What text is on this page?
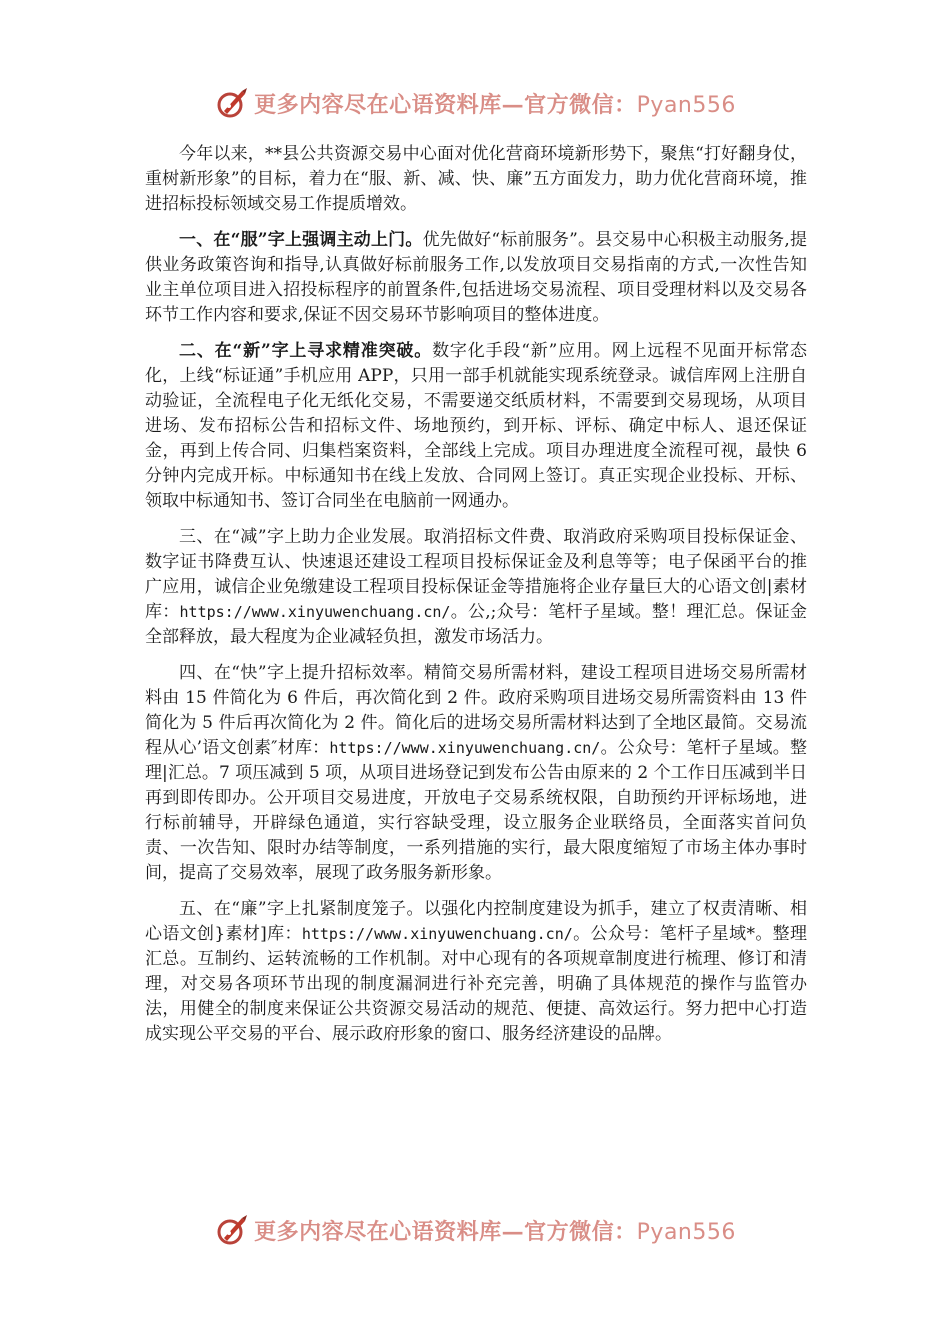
更多内容尽在心语资料库—官方微信：Pyan556

今年以来，**县公共资源交易中心面对优化营商环境新形势下，聚焦“打好翻身仗，重树新形象”的目标，着力在“服、新、减、快、廉”五方面发力，助力优化营商环境，推进招标投标领域交易工作提质增效。

一、在“服”字上强调主动上门。优先做好“标前服务”。县交易中心积极主动服务,提供业务政策咨询和指导,认真做好标前服务工作,以发放项目交易指南的方式,一次性告知业主单位项目进入招投标程序的前置条件,包括进场交易流程、项目受理材料以及交易各环节工作内容和要求,保证不因交易环节影响项目的整体进度。

二、在“新”字上寻求精准突破。数字化手段“新”应用。网上远程不见面开标常态化，上线“标证通”手机应用 APP，只用一部手机就能实现系统登录。诚信库网上注册自动验证，全流程电子化无纸化交易，不需要递交纸质材料，不需要到交易现场，从项目进场、发布招标公告和招标文件、场地预约，到开标、评标、确定中标人、退还保证金，再到上传合同、归集档案资料，全部线上完成。项目办理进度全流程可视，最快 6 分钟内完成开标。中标通知书在线上发放、合同网上签订。真正实现企业投标、开标、领取中标通知书、签订合同坐在电脑前一网通办。

三、在“减”字上助力企业发展。取消招标文件费、取消政府采购项目投标保证金、数字证书降费互认、快速退还建设工程项目投标保证金及利息等等；电子保函平台的推广应用，诚信企业免缴建设工程项目投标保证金等措施将企业存量巨大的心语文创|素材库：https://www.xinyuwenchuang.cn/。公,;众号：笔杆子星域。整！理汇总。保证金全部释放，最大程度为企业减轻负担，激发市场活力。

四、在“快”字上提升招标效率。精简交易所需材料，建设工程项目进场交易所需材料由 15 件简化为 6 件后，再次简化到 2 件。政府采购项目进场交易所需资料由 13 件简化为 5 件后再次简化为 2 件。简化后的进场交易所需材料达到了全地区最简。交易流程从心’语文创素″材库：https://www.xinyuwenchuang.cn/。公众号：笔杆子星域。整理|汇总。7 项压减到 5 项，从项目进场登记到发布公告由原来的 2 个工作日压减到半日再到即传即办。公开项目交易进度，开放电子交易系统权限，自助预约开评标场地，进行标前辅导，开辟绿色通道，实行容缺受理，设立服务企业联络员，全面落实首问负责、一次告知、限时办结等制度，一系列措施的实行，最大限度缩短了市场主体办事时间，提高了交易效率，展现了政务服务新形象。

五、在“廉”字上扎紧制度笼子。以强化内控制度建设为抓手，建立了权责清晰、相心语文创}素材]库：https://www.xinyuwenchuang.cn/。公众号：笔杆子星域*。整理汇总。互制约、运转流畅的工作机制。对中心现有的各项规章制度进行梳理、修订和清理，对交易各项环节出现的制度漏洞进行补充完善，明确了具体规范的操作与监管办法，用健全的制度来保证公共资源交易活动的规范、便捷、高效运行。努力把中心打造成实现公平交易的平台、展示政府形象的窗口、服务经济建设的品牌。

更多内容尽在心语资料库—官方微信：Pyan556
